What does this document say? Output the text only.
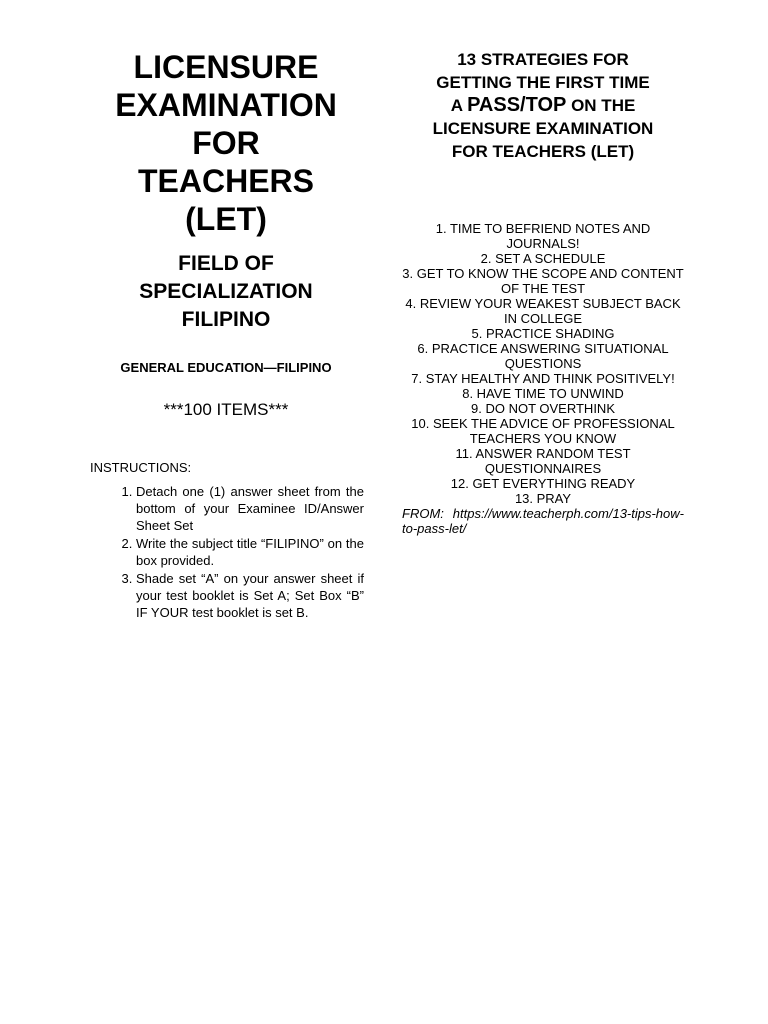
LICENSURE
EXAMINATION
FOR
TEACHERS
(LET)
FIELD OF
SPECIALIZATION
FILIPINO
GENERAL EDUCATION—FILIPINO
***100 ITEMS***
INSTRUCTIONS:
1. Detach one (1) answer sheet from the bottom of your Examinee ID/Answer Sheet Set
2. Write the subject title “FILIPINO” on the box provided.
3. Shade set “A” on your answer sheet if your test booklet is Set A; Set Box “B” IF YOUR test booklet is set B.
13 STRATEGIES FOR
GETTING THE FIRST TIME
A PASS/TOP ON THE
LICENSURE EXAMINATION
FOR TEACHERS (LET)
1. TIME TO BEFRIEND NOTES AND JOURNALS!
2. SET A SCHEDULE
3. GET TO KNOW THE SCOPE AND CONTENT OF THE TEST
4. REVIEW YOUR WEAKEST SUBJECT BACK IN COLLEGE
5. PRACTICE SHADING
6. PRACTICE ANSWERING SITUATIONAL QUESTIONS
7. STAY HEALTHY AND THINK POSITIVELY!
8. HAVE TIME TO UNWIND
9. DO NOT OVERTHINK
10. SEEK THE ADVICE OF PROFESSIONAL TEACHERS YOU KNOW
11. ANSWER RANDOM TEST QUESTIONNAIRES
12. GET EVERYTHING READY
13. PRAY

FROM: https://www.teacherph.com/13-tips-how-to-pass-let/
